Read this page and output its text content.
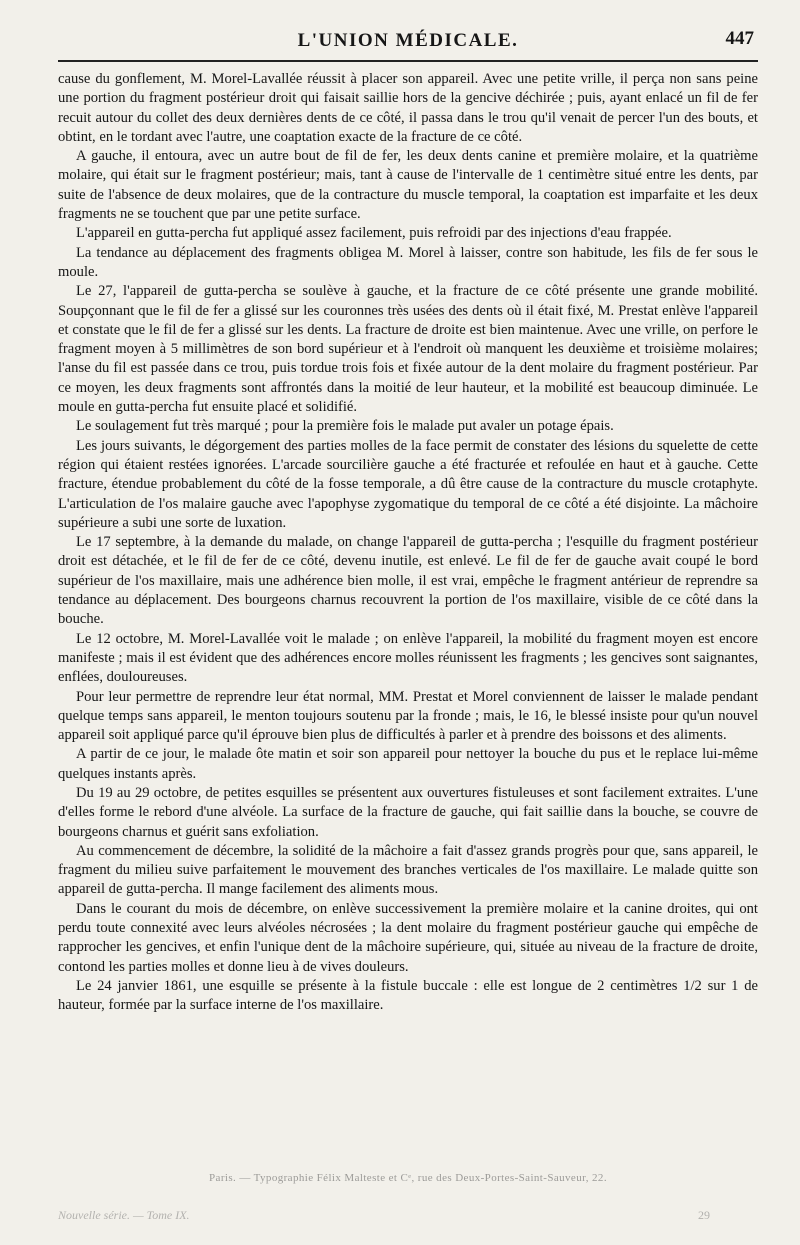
L'UNION MÉDICALE.	447

cause du gonflement, M. Morel-Lavallée réussit à placer son appareil. Avec une petite vrille, il perça non sans peine une portion du fragment postérieur droit qui faisait saillie hors de la gencive déchirée ; puis, ayant enlacé un fil de fer recuit autour du collet des deux dernières dents de ce côté, il passa dans le trou qu'il venait de percer l'un des bouts, et obtint, en le tordant avec l'autre, une coaptation exacte de la fracture de ce côté.

A gauche, il entoura, avec un autre bout de fil de fer, les deux dents canine et première molaire, et la quatrième molaire, qui était sur le fragment postérieur; mais, tant à cause de l'intervalle de 1 centimètre situé entre les dents, par suite de l'absence de deux molaires, que de la contracture du muscle temporal, la coaptation est imparfaite et les deux fragments ne se touchent que par une petite surface.

L'appareil en gutta-percha fut appliqué assez facilement, puis refroidi par des injections d'eau frappée.

La tendance au déplacement des fragments obligea M. Morel à laisser, contre son habitude, les fils de fer sous le moule.

Le 27, l'appareil de gutta-percha se soulève à gauche, et la fracture de ce côté présente une grande mobilité. Soupçonnant que le fil de fer a glissé sur les couronnes très usées des dents où il était fixé, M. Prestat enlève l'appareil et constate que le fil de fer a glissé sur les dents. La fracture de droite est bien maintenue. Avec une vrille, on perfore le fragment moyen à 5 millimètres de son bord supérieur et à l'endroit où manquent les deuxième et troisième molaires; l'anse du fil est passée dans ce trou, puis tordue trois fois et fixée autour de la dent molaire du fragment postérieur. Par ce moyen, les deux fragments sont affrontés dans la moitié de leur hauteur, et la mobilité est beaucoup diminuée. Le moule en gutta-percha fut ensuite placé et solidifié.

Le soulagement fut très marqué ; pour la première fois le malade put avaler un potage épais.

Les jours suivants, le dégorgement des parties molles de la face permit de constater des lésions du squelette de cette région qui étaient restées ignorées. L'arcade sourcilière gauche a été fracturée et refoulée en haut et à gauche. Cette fracture, étendue probablement du côté de la fosse temporale, a dû être cause de la contracture du muscle crotaphyte. L'articulation de l'os malaire gauche avec l'apophyse zygomatique du temporal de ce côté a été disjointe. La mâchoire supérieure a subi une sorte de luxation.

Le 17 septembre, à la demande du malade, on change l'appareil de gutta-percha ; l'esquille du fragment postérieur droit est détachée, et le fil de fer de ce côté, devenu inutile, est enlevé. Le fil de fer de gauche avait coupé le bord supérieur de l'os maxillaire, mais une adhérence bien molle, il est vrai, empêche le fragment antérieur de reprendre sa tendance au déplacement. Des bourgeons charnus recouvrent la portion de l'os maxillaire, visible de ce côté dans la bouche.

Le 12 octobre, M. Morel-Lavallée voit le malade ; on enlève l'appareil, la mobilité du fragment moyen est encore manifeste ; mais il est évident que des adhérences encore molles réunissent les fragments ; les gencives sont saignantes, enflées, douloureuses.

Pour leur permettre de reprendre leur état normal, MM. Prestat et Morel conviennent de laisser le malade pendant quelque temps sans appareil, le menton toujours soutenu par la fronde ; mais, le 16, le blessé insiste pour qu'un nouvel appareil soit appliqué parce qu'il éprouve bien plus de difficultés à parler et à prendre des boissons et des aliments.

A partir de ce jour, le malade ôte matin et soir son appareil pour nettoyer la bouche du pus et le replace lui-même quelques instants après.

Du 19 au 29 octobre, de petites esquilles se présentent aux ouvertures fistuleuses et sont facilement extraites. L'une d'elles forme le rebord d'une alvéole. La surface de la fracture de gauche, qui fait saillie dans la bouche, se couvre de bourgeons charnus et guérit sans exfoliation.

Au commencement de décembre, la solidité de la mâchoire a fait d'assez grands progrès pour que, sans appareil, le fragment du milieu suive parfaitement le mouvement des branches verticales de l'os maxillaire. Le malade quitte son appareil de gutta-percha. Il mange facilement des aliments mous.

Dans le courant du mois de décembre, on enlève successivement la première molaire et la canine droites, qui ont perdu toute connexité avec leurs alvéoles nécrosées ; la dent molaire du fragment postérieur gauche qui empêche de rapprocher les gencives, et enfin l'unique dent de la mâchoire supérieure, qui, située au niveau de la fracture de droite, contond les parties molles et donne lieu à de vives douleurs.

Le 24 janvier 1861, une esquille se présente à la fistule buccale : elle est longue de 2 centimètres 1/2 sur 1 de hauteur, formée par la surface interne de l'os maxillaire.

Paris. — Typographie Félix Malteste et Cᵉ, rue des Deux-Portes-Saint-Sauveur, 22.
Nouvelle série. — Tome IX.	29
